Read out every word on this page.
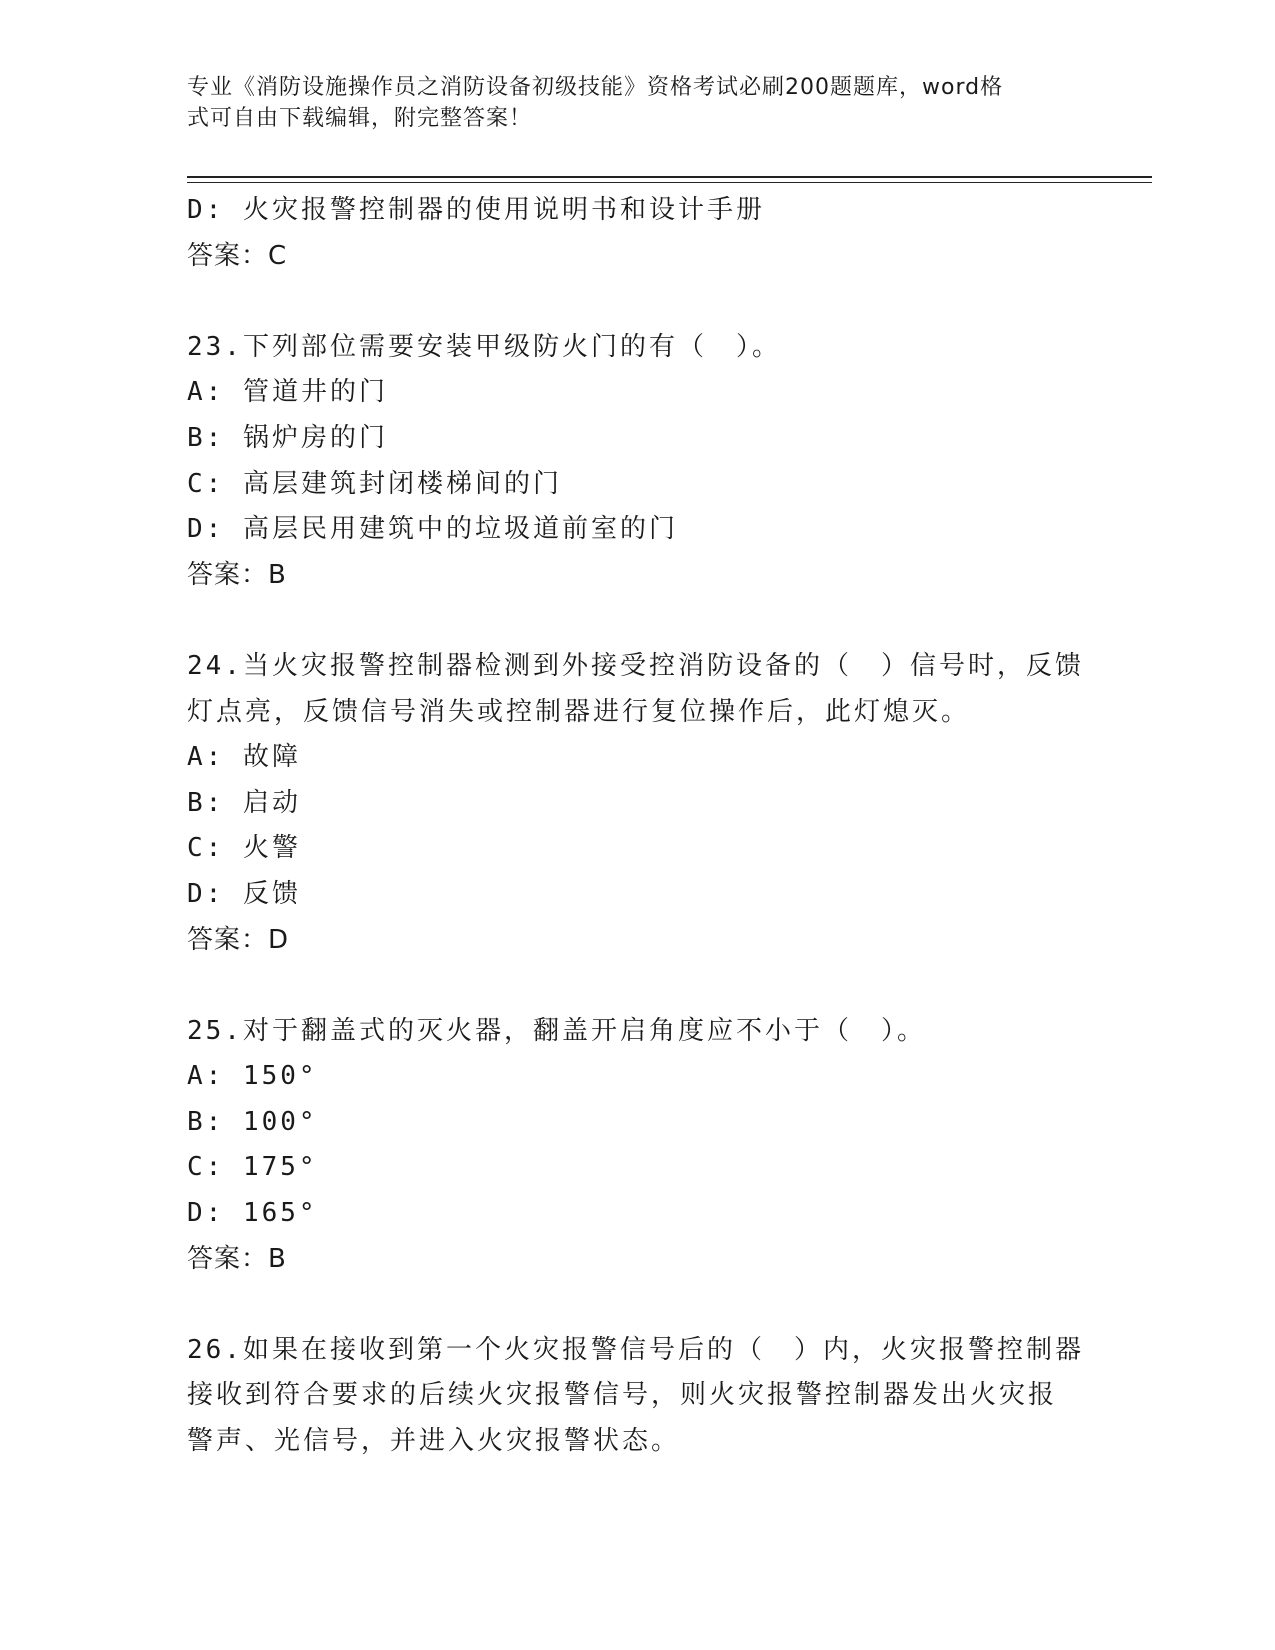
专业《消防设施操作员之消防设备初级技能》资格考试必刷200题题库，word格
式可自由下载编辑，附完整答案！
D: 火灾报警控制器的使用说明书和设计手册
答案：C
23.下列部位需要安装甲级防火门的有（　）。
A: 管道井的门
B: 锅炉房的门
C: 高层建筑封闭楼梯间的门
D: 高层民用建筑中的垃圾道前室的门
答案：B
24.当火灾报警控制器检测到外接受控消防设备的（　）信号时，反馈
灯点亮，反馈信号消失或控制器进行复位操作后，此灯熄灭。
A: 故障
B: 启动
C: 火警
D: 反馈
答案：D
25.对于翻盖式的灭火器，翻盖开启角度应不小于（　）。
A: 150°
B: 100°
C: 175°
D: 165°
答案：B
26.如果在接收到第一个火灾报警信号后的（　）内，火灾报警控制器
接收到符合要求的后续火灾报警信号，则火灾报警控制器发出火灾报
警声、光信号，并进入火灾报警状态。
